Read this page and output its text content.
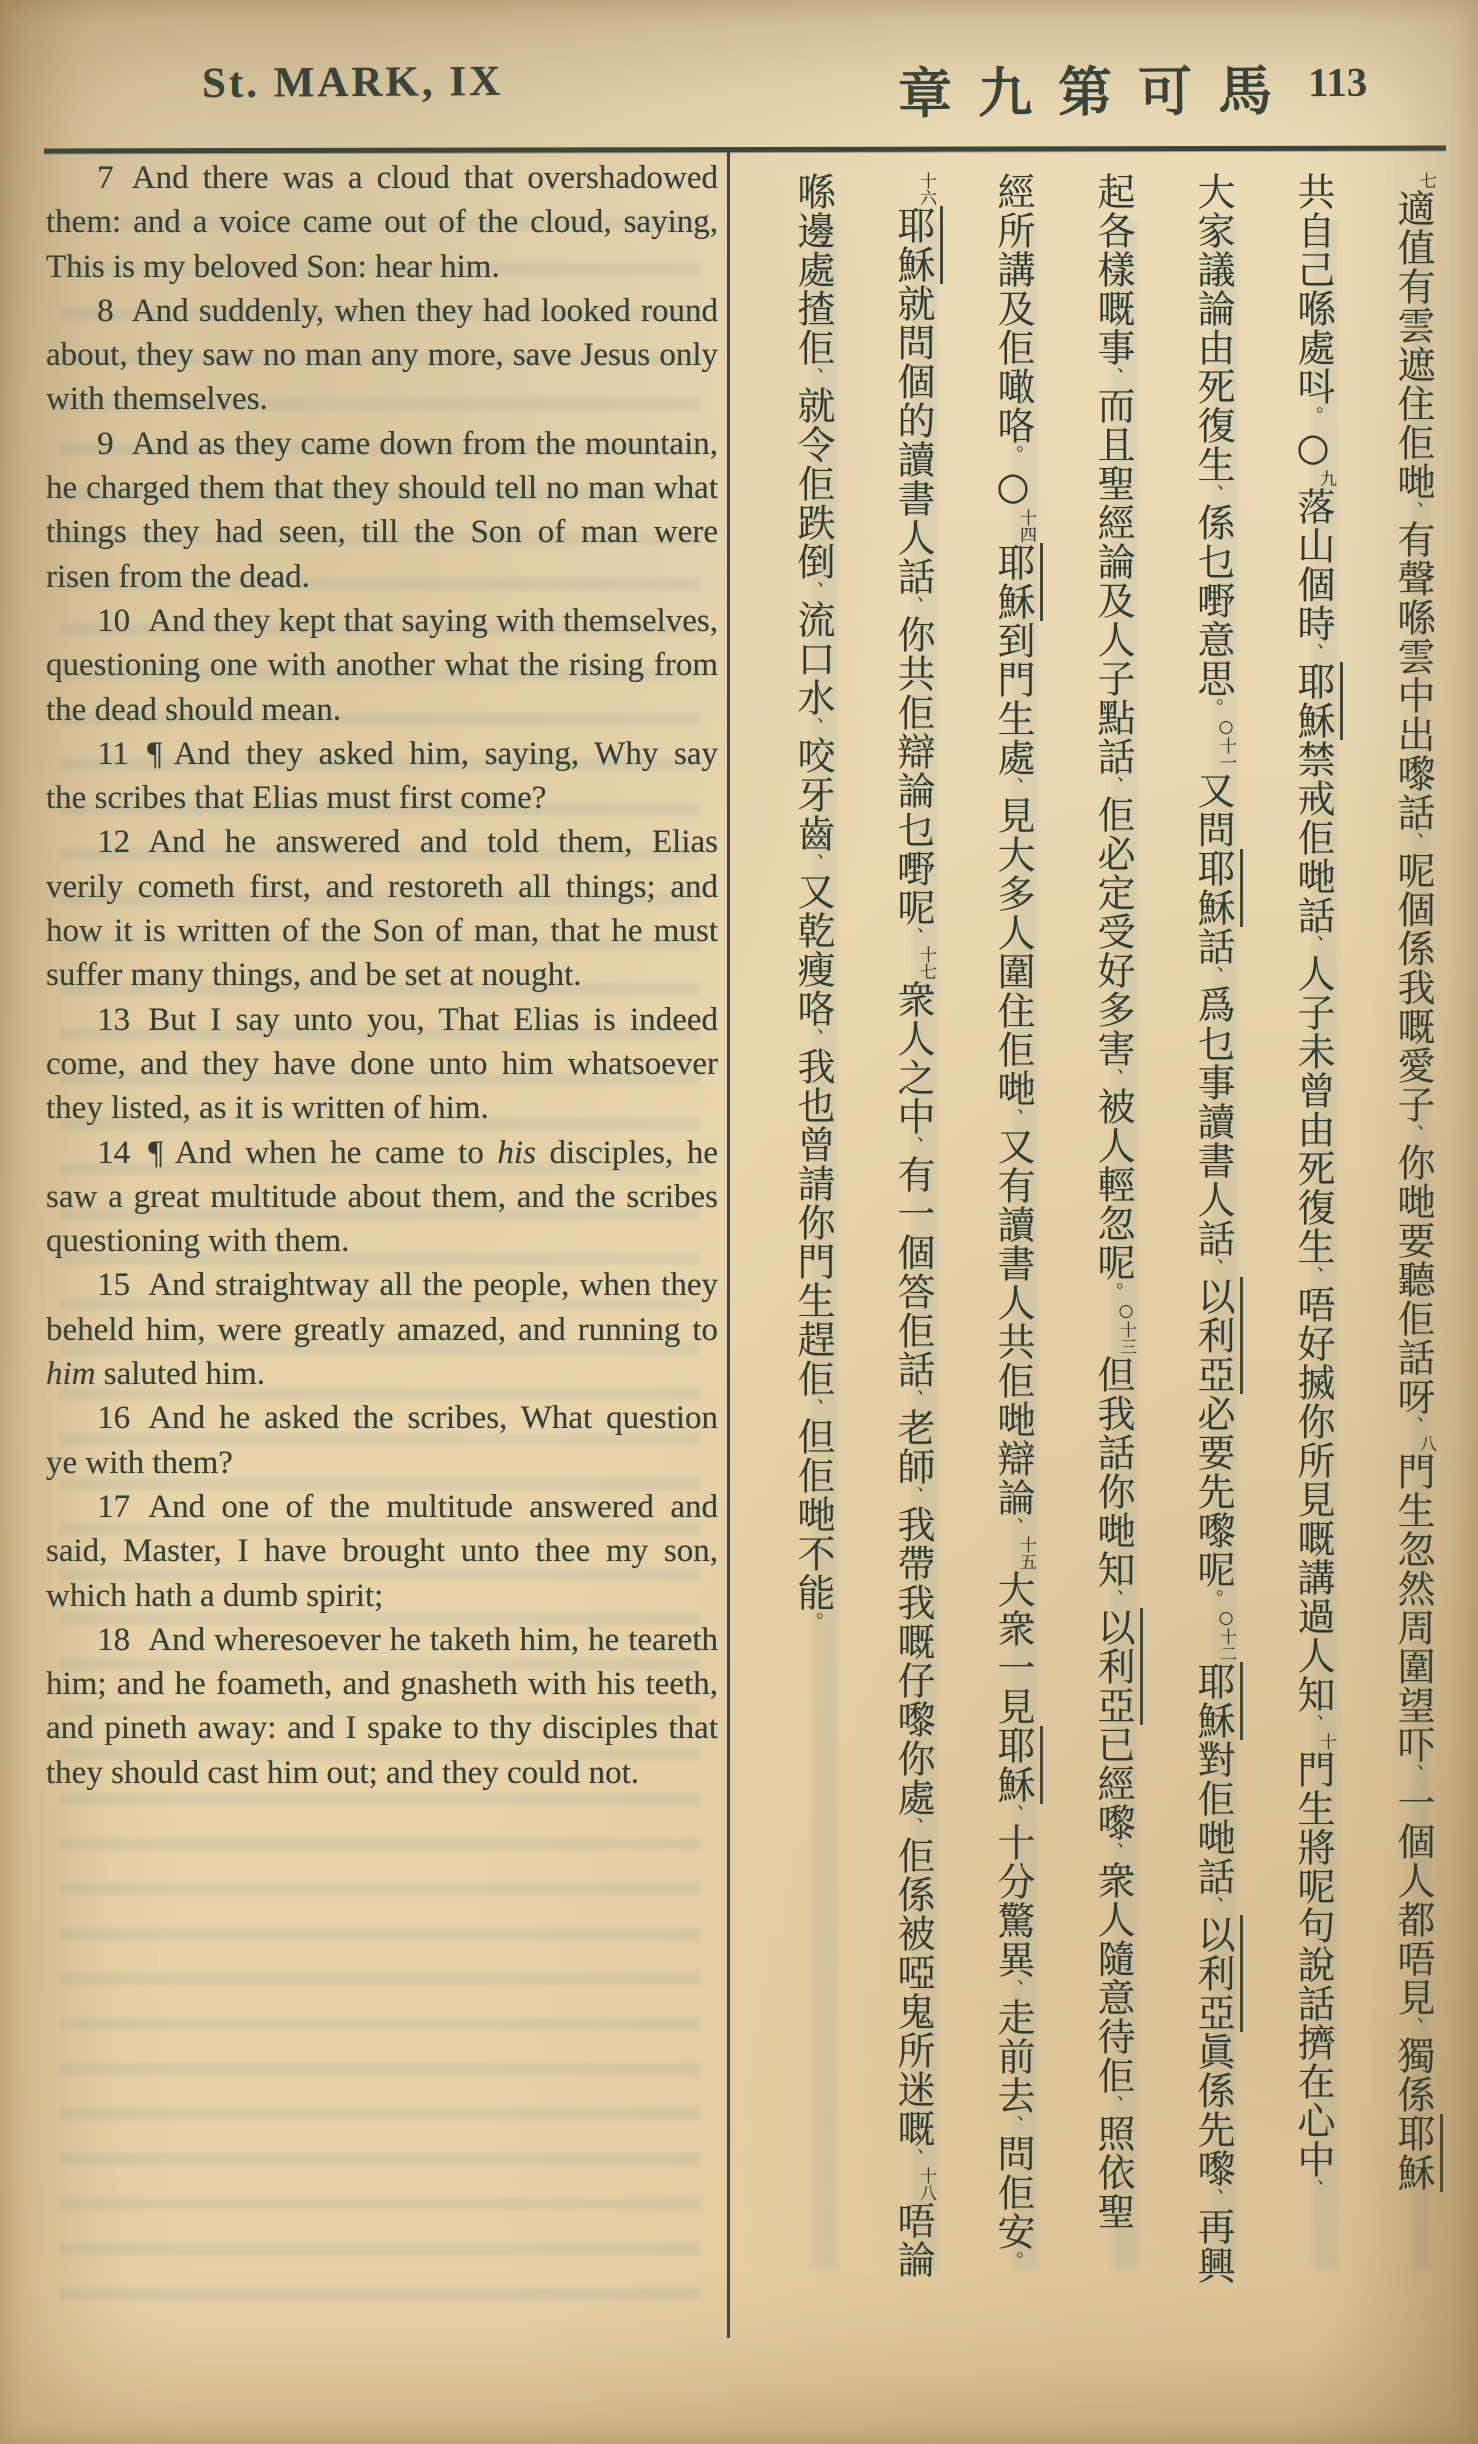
St. MARK, IX	章九第可馬 113

7 And there was a cloud that overshadowed them: and a voice came out of the cloud, saying, This is my beloved Son: hear him.

8 And suddenly, when they had looked round about, they saw no man any more, save Jesus only with themselves.

9 And as they came down from the mountain, he charged them that they should tell no man what things they had seen, till the Son of man were risen from the dead.

10 And they kept that saying with themselves, questioning one with another what the rising from the dead should mean.

11 ¶ And they asked him, saying, Why say the scribes that Elias must first come?

12 And he answered and told them, Elias verily cometh first, and restoreth all things; and how it is written of the Son of man, that he must suffer many things, and be set at nought.

13 But I say unto you, That Elias is indeed come, and they have done unto him whatsoever they listed, as it is written of him.

14 ¶ And when he came to his disciples, he saw a great multitude about them, and the scribes questioning with them.

15 And straightway all the people, when they beheld him, were greatly amazed, and running to him saluted him.

16 And he asked the scribes, What question ye with them?

17 And one of the multitude answered and said, Master, I have brought unto thee my son, which hath a dumb spirit;

18 And wheresoever he taketh him, he teareth him; and he foameth, and gnasheth with his teeth, and pineth away: and I spake to thy disciples that they should cast him out; and they could not.

七適值有雲遮住佢哋、有聲喺雲中出嚟話、呢個係我嘅愛子、你哋要聽佢話呀、八門生忽然周圍望吓、一個人都唔見、獨係耶穌
共自己喺處呌。○九落山個時、耶穌禁戒佢哋話、人子未曾由死復生、唔好搣你所見嘅講過人知、十門生將呢句說話擠在心中、
大家議論由死復生、係乜嘢意思。○十一又問耶穌話、爲乜事讀書人話、以利亞必要先嚟呢。○十二耶穌對佢哋話、以利亞眞係先嚟、再興
起各樣嘅事、而且聖經論及人子點話、佢必定受好多害、被人輕忽呢。○十三但我話你哋知、以利亞已經嚟、衆人隨意待佢、照依聖
經所講及佢噉咯。○十四耶穌到門生處、見大多人圍住佢哋、又有讀書人共佢哋辯論、十五大衆一見耶穌、十分驚異、走前去、問佢安。
十六耶穌就問個的讀書人話、你共佢辯論乜嘢呢、十七衆人之中、有一個答佢話、老師、我帶我嘅仔嚟你處、佢係被啞鬼所迷嘅、十八唔論
喺邊處揸佢、就令佢跌倒、流口水、咬牙齒、又乾瘦咯、我也曾請你門生趕佢、但佢哋不能。
